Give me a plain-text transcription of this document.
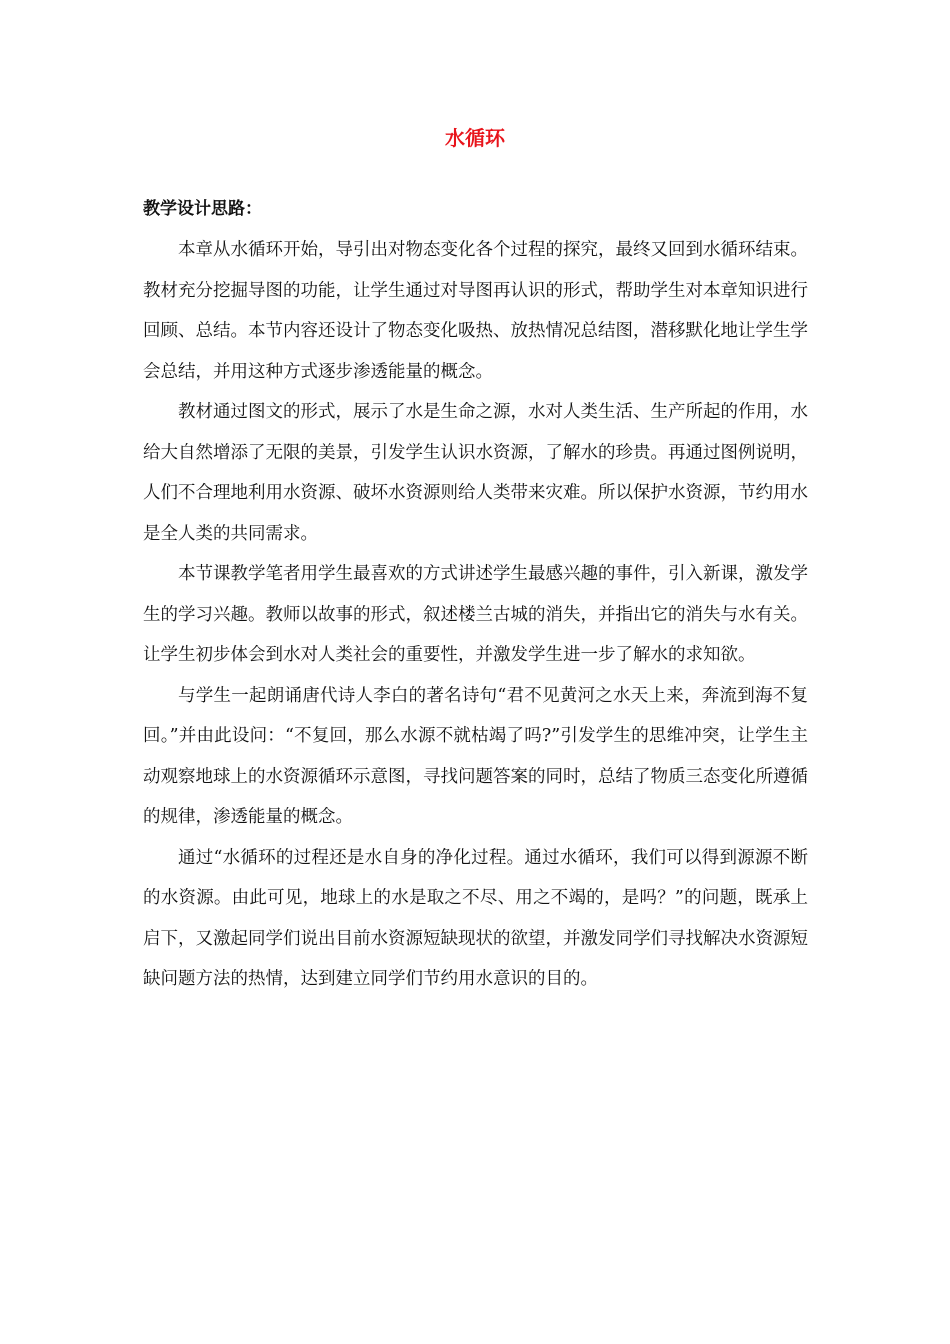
水循环
教学设计思路：

本章从水循环开始，导引出对物态变化各个过程的探究，最终又回到水循环结束。教材充分挖掘导图的功能，让学生通过对导图再认识的形式，帮助学生对本章知识进行回顾、总结。本节内容还设计了物态变化吸热、放热情况总结图，潜移默化地让学生学会总结，并用这种方式逐步渗透能量的概念。

教材通过图文的形式，展示了水是生命之源，水对人类生活、生产所起的作用，水给大自然增添了无限的美景，引发学生认识水资源，了解水的珍贵。再通过图例说明，人们不合理地利用水资源、破坏水资源则给人类带来灾难。所以保护水资源，节约用水是全人类的共同需求。

本节课教学笔者用学生最喜欢的方式讲述学生最感兴趣的事件，引入新课，激发学生的学习兴趣。教师以故事的形式，叙述楼兰古城的消失，并指出它的消失与水有关。让学生初步体会到水对人类社会的重要性，并激发学生进一步了解水的求知欲。

与学生一起朗诵唐代诗人李白的著名诗句“君不见黄河之水天上来，奔流到海不复回。”并由此设问：“不复回，那么水源不就枯竭了吗?”引发学生的思维冲突，让学生主动观察地球上的水资源循环示意图，寻找问题答案的同时，总结了物质三态变化所遵循的规律，渗透能量的概念。

通过“水循环的过程还是水自身的净化过程。通过水循环，我们可以得到源源不断的水资源。由此可见，地球上的水是取之不尽、用之不竭的，是吗？”的问题，既承上启下，又激起同学们说出目前水资源短缺现状的欲望，并激发同学们寻找解决水资源短缺问题方法的热情，达到建立同学们节约用水意识的目的。
